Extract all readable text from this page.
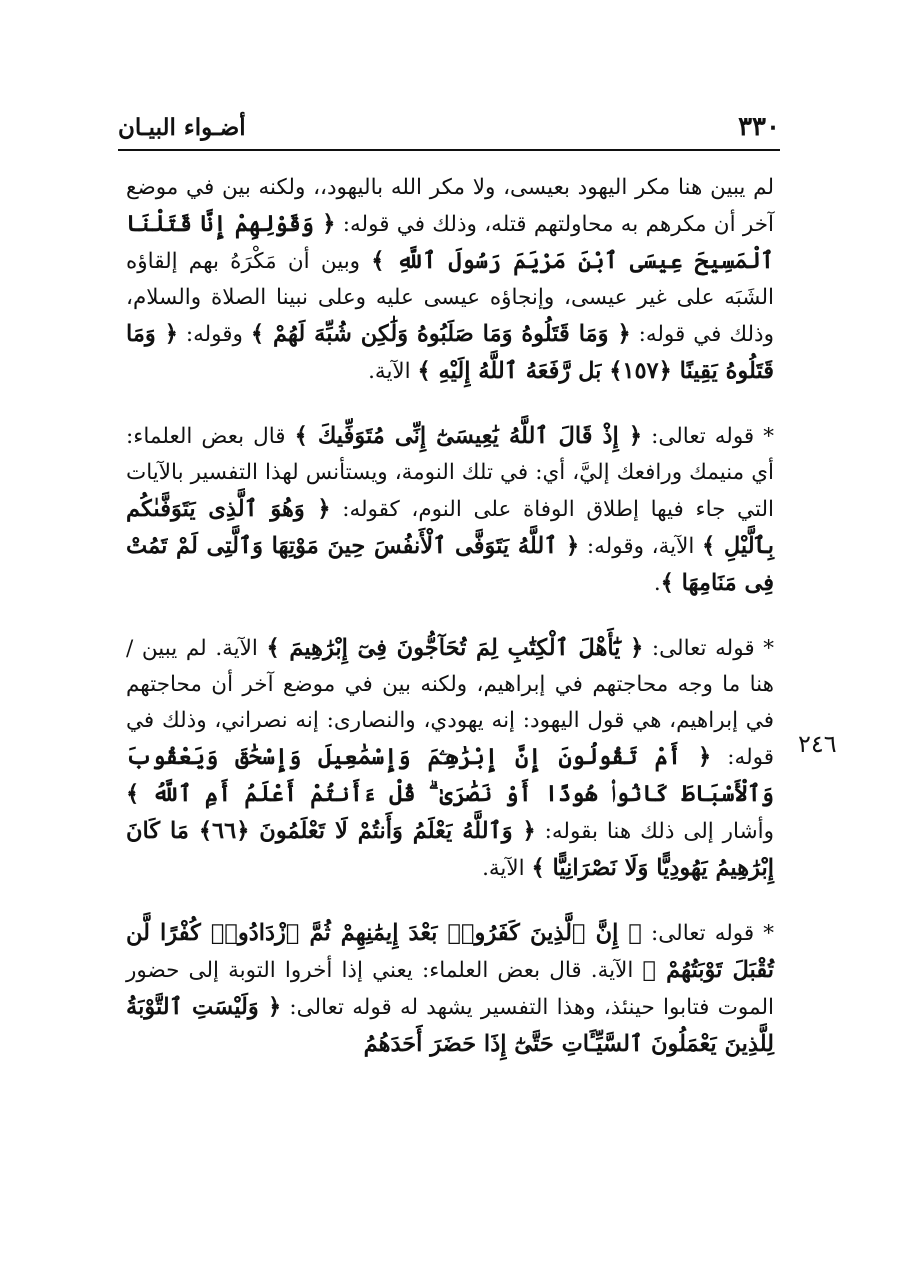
٣٣٠
أضـواء البيـان
٢٤٦

لم يبين هنا مكر اليهود بعيسى، ولا مكر الله باليهود،، ولكنه بين في موضع آخر أن مكرهم به محاولتهم قتله، وذلك في قوله: ﴿ وَقَوْلِهِمْ إِنَّا قَتَلْنَا ٱلْمَسِيحَ عِيسَى ٱبْنَ مَرْيَمَ رَسُولَ ٱللَّهِ ﴾ وبين أن مَكْرَهُ بهم إلقاؤه الشَبَه على غير عيسى، وإنجاؤه عيسى عليه وعلى نبينا الصلاة والسلام، وذلك في قوله: ﴿ وَمَا قَتَلُوهُ وَمَا صَلَبُوهُ وَلَٰكِن شُبِّهَ لَهُمْ ﴾ وقوله: ﴿ وَمَا قَتَلُوهُ يَقِينًا ﴿١٥٧﴾ بَل رَّفَعَهُ ٱللَّهُ إِلَيْهِ ﴾ الآية.

* قوله تعالى: ﴿ إِذْ قَالَ ٱللَّهُ يَٰعِيسَىٰٓ إِنِّى مُتَوَفِّيكَ ﴾ قال بعض العلماء: أي منيمك ورافعك إليَّ، أي: في تلك النومة، ويستأنس لهذا التفسير بالآيات التي جاء فيها إطلاق الوفاة على النوم، كقوله: ﴿ وَهُوَ ٱلَّذِى يَتَوَفَّىٰكُم بِٱلَّيْلِ ﴾ الآية، وقوله: ﴿ ٱللَّهُ يَتَوَفَّى ٱلْأَنفُسَ حِينَ مَوْتِهَا وَٱلَّتِى لَمْ تَمُتْ فِى مَنَامِهَا ﴾.

* قوله تعالى: ﴿ يَٰٓأَهْلَ ٱلْكِتَٰبِ لِمَ تُحَآجُّونَ فِىٓ إِبْرَٰهِيمَ ﴾ الآية. لم يبين / هنا ما وجه محاجتهم في إبراهيم، ولكنه بين في موضع آخر أن محاجتهم في إبراهيم، هي قول اليهود: إنه يهودي، والنصارى: إنه نصراني، وذلك في قوله: ﴿ أَمْ تَقُولُونَ إِنَّ إِبْرَٰهِـۧمَ وَإِسْمَٰعِيلَ وَإِسْحَٰقَ وَيَعْقُوبَ وَٱلْأَسْبَاطَ كَانُوا۟ هُودًا أَوْ نَصَٰرَىٰ ۗ قُلْ ءَأَنتُمْ أَعْلَمُ أَمِ ٱللَّهُ ﴾ وأشار إلى ذلك هنا بقوله: ﴿ وَٱللَّهُ يَعْلَمُ وَأَنتُمْ لَا تَعْلَمُونَ ﴿٦٦﴾ مَا كَانَ إِبْرَٰهِيمُ يَهُودِيًّا وَلَا نَصْرَانِيًّا ﴾ الآية.

* قوله تعالى: ﴿ إِنَّ ٱلَّذِينَ كَفَرُوا۟ بَعْدَ إِيمَٰنِهِمْ ثُمَّ ٱزْدَادُوا۟ كُفْرًا لَّن تُقْبَلَ تَوْبَتُهُمْ ﴾ الآية. قال بعض العلماء: يعني إذا أخروا التوبة إلى حضور الموت فتابوا حينئذ، وهذا التفسير يشهد له قوله تعالى: ﴿ وَلَيْسَتِ ٱلتَّوْبَةُ لِلَّذِينَ يَعْمَلُونَ ٱلسَّيِّـَٔاتِ حَتَّىٰٓ إِذَا حَضَرَ أَحَدَهُمُ
